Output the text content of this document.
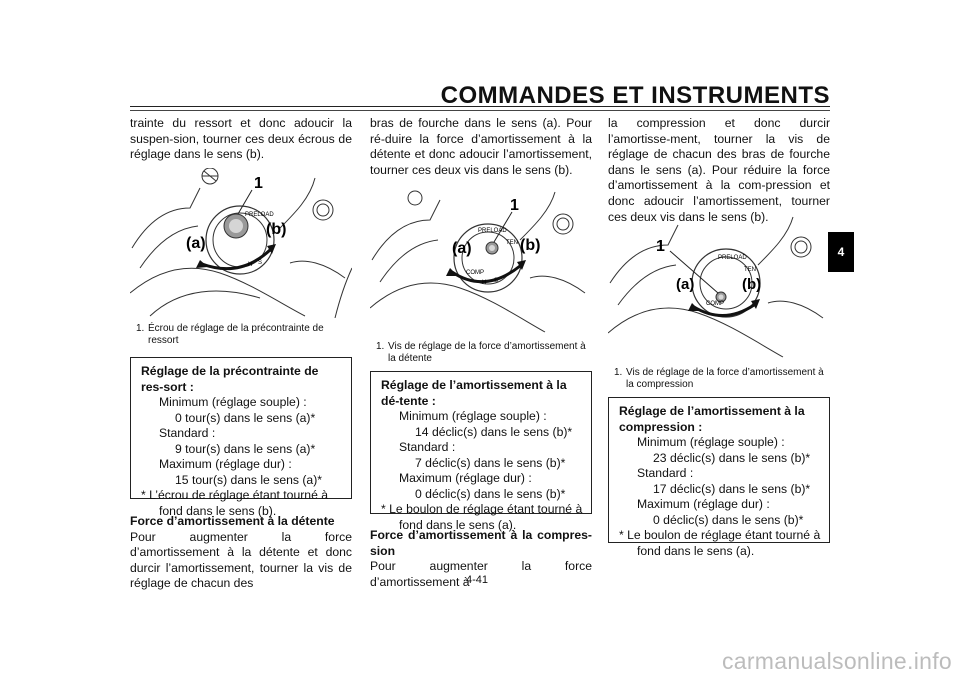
COMMANDES ET INSTRUMENTS
4

trainte du ressort et donc adoucir la suspen-sion, tourner ces deux écrous de réglage dans le sens (b).

1
(a)
(b)
PRELOAD
H S
1. Écrou de réglage de la précontrainte de ressort
Réglage de la précontrainte de res-sort :
Minimum (réglage souple) :
0 tour(s) dans le sens (a)*
Standard :
9 tour(s) dans le sens (a)*
Maximum (réglage dur) :
15 tour(s) dans le sens (a)*
* L’écrou de réglage étant tourné à
fond dans le sens (b).
Force d’amortissement à la détente

Pour augmenter la force d’amortissement à la détente et donc durcir l’amortissement, tourner la vis de réglage de chacun des

bras de fourche dans le sens (a). Pour ré-duire la force d’amortissement à la détente et donc adoucir l’amortissement, tourner ces deux vis dans le sens (b).

1
(a)	(b)
PRELOAD
TEN
COMP
H S
1. Vis de réglage de la force d’amortissement à la détente
Réglage de l’amortissement à la dé-tente :
Minimum (réglage souple) :
14 déclic(s) dans le sens (b)*
Standard :
7 déclic(s) dans le sens (b)*
Maximum (réglage dur) :
0 déclic(s) dans le sens (b)*
* Le boulon de réglage étant tourné à
fond dans le sens (a).
Force d’amortissement à la compres-sion

Pour augmenter la force d’amortissement à

la compression et donc durcir l’amortisse-ment, tourner la vis de réglage de chacun des bras de fourche dans le sens (a). Pour réduire la force d’amortissement à la com-pression et donc adoucir l’amortissement, tourner ces deux vis dans le sens (b).

1
(a)	(b)
PRELOAD
TEN
COMP
1. Vis de réglage de la force d’amortissement à la compression
Réglage de l’amortissement à la compression :
Minimum (réglage souple) :
23 déclic(s) dans le sens (b)*
Standard :
17 déclic(s) dans le sens (b)*
Maximum (réglage dur) :
0 déclic(s) dans le sens (b)*
* Le boulon de réglage étant tourné à
fond dans le sens (a).
4-41
carmanualsonline.info
